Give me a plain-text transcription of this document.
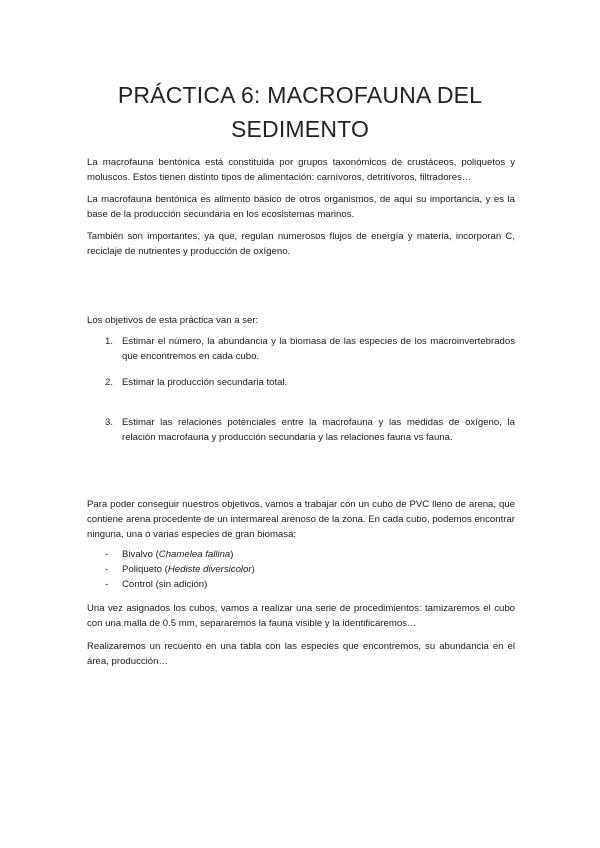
PRÁCTICA 6: MACROFAUNA DEL
SEDIMENTO

La macrofauna bentónica está constituida por grupos taxonómicos de crustáceos, poliquetos y moluscos. Estos tienen distinto tipos de alimentación: carnívoros, detritívoros, filtradores…

La macrofauna bentónica es alimento básico de otros organismos, de aquí su importancia, y es la base de la producción secundaria en los ecosistemas marinos.

También son importantes, ya que, regulan numerosos flujos de energía y materia, incorporan C, reciclaje de nutrientes y producción de oxígeno.

Los objetivos de esta práctica van a ser:

1. Estimar el número, la abundancia y la biomasa de las especies de los macroinvertebrados que encontremos en cada cubo.
2. Estimar la producción secundaria total.
3. Estimar las relaciones potenciales entre la macrofauna y las medidas de oxígeno, la relación macrofauna y producción secundaria y las relaciones fauna vs fauna.

Para poder conseguir nuestros objetivos, vamos a trabajar con un cubo de PVC lleno de arena, que contiene arena procedente de un intermareal arenoso de la zona. En cada cubo, podemos encontrar ninguna, una o varias especies de gran biomasa:

- Bivalvo (Chamelea fallina)
- Poliqueto (Hediste diversicolor)
- Control (sin adición)

Una vez asignados los cubos, vamos a realizar una serie de procedimientos: tamizaremos el cubo con una malla de 0.5 mm, separaremos la fauna visible y la identificaremos…

Realizaremos un recuento en una tabla con las especies que encontremos, su abundancia en el área, producción…
